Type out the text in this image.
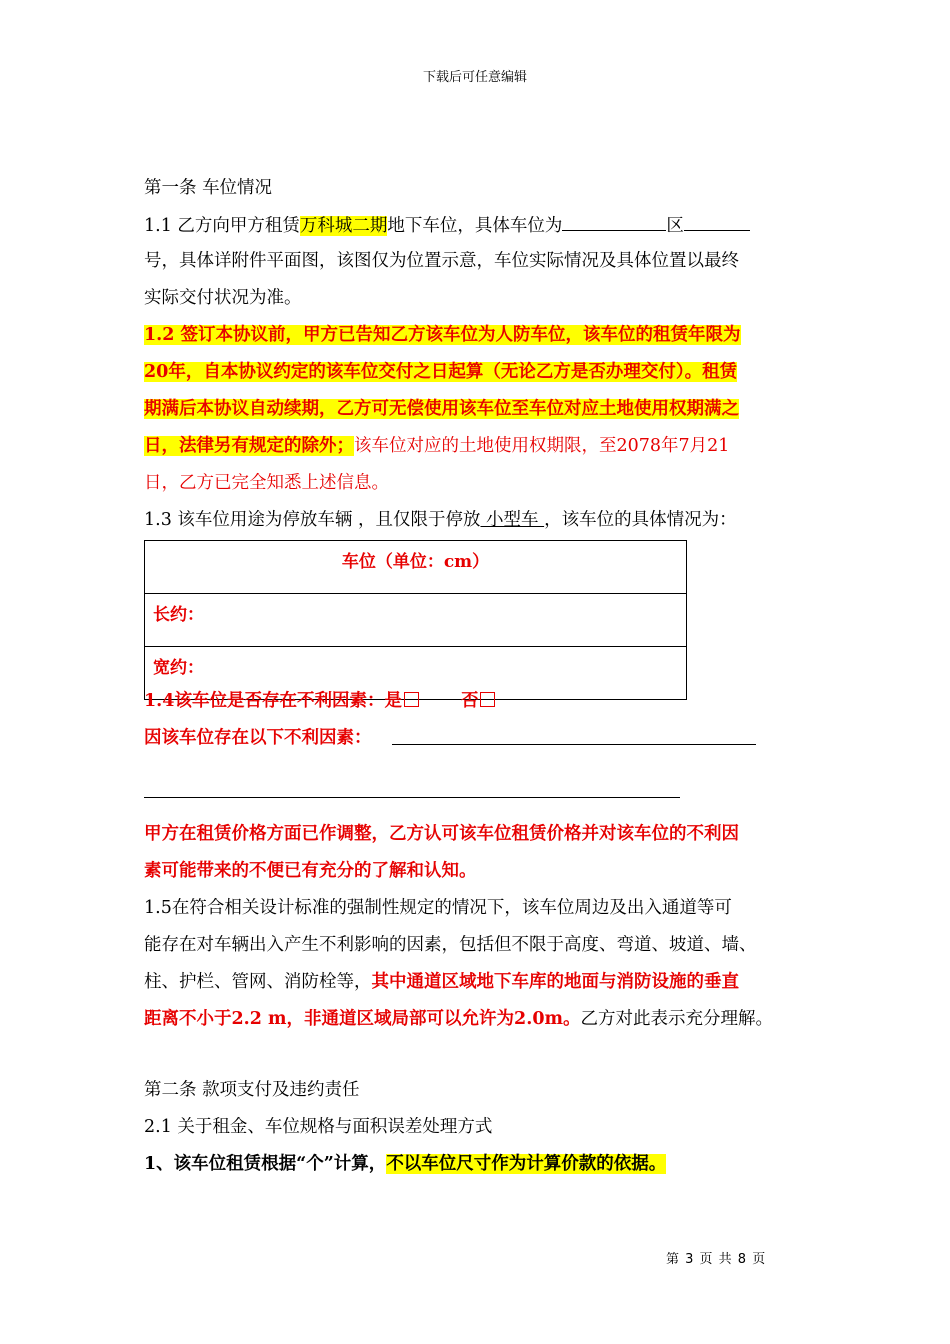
下载后可任意编辑
第一条 车位情况
1.1 乙方向甲方租赁万科城二期地下车位，具体车位为	区
号，具体详附件平面图，该图仅为位置示意，车位实际情况及具体位置以最终
实际交付状况为准。
1.2 签订本协议前，甲方已告知乙方该车位为人防车位，该车位的租赁年限为
20年，自本协议约定的该车位交付之日起算（无论乙方是否办理交付）。租赁
期满后本协议自动续期，乙方可无偿使用该车位至车位对应土地使用权期满之
日，法律另有规定的除外；该车位对应的土地使用权期限，至2078年7月21
日，乙方已完全知悉上述信息。
1.3 该车位用途为停放车辆 ，且仅限于停放 小型车 ，该车位的具体情况为：
车位（单位：cm）
长约：
宽约：
1.4该车位是否存在不利因素：是	否
因该车位存在以下不利因素：
甲方在租赁价格方面已作调整，乙方认可该车位租赁价格并对该车位的不利因
素可能带来的不便已有充分的了解和认知。
1.5在符合相关设计标准的强制性规定的情况下，该车位周边及出入通道等可
能存在对车辆出入产生不利影响的因素，包括但不限于高度、弯道、坡道、墙、
柱、护栏、管网、消防栓等，其中通道区域地下车库的地面与消防设施的垂直
距离不小于2.2 m，非通道区域局部可以允许为2.0m。乙方对此表示充分理解。
第二条 款项支付及违约责任
2.1 关于租金、车位规格与面积误差处理方式
1、该车位租赁根据“个”计算，不以车位尺寸作为计算价款的依据。
第 3 页 共 8 页
